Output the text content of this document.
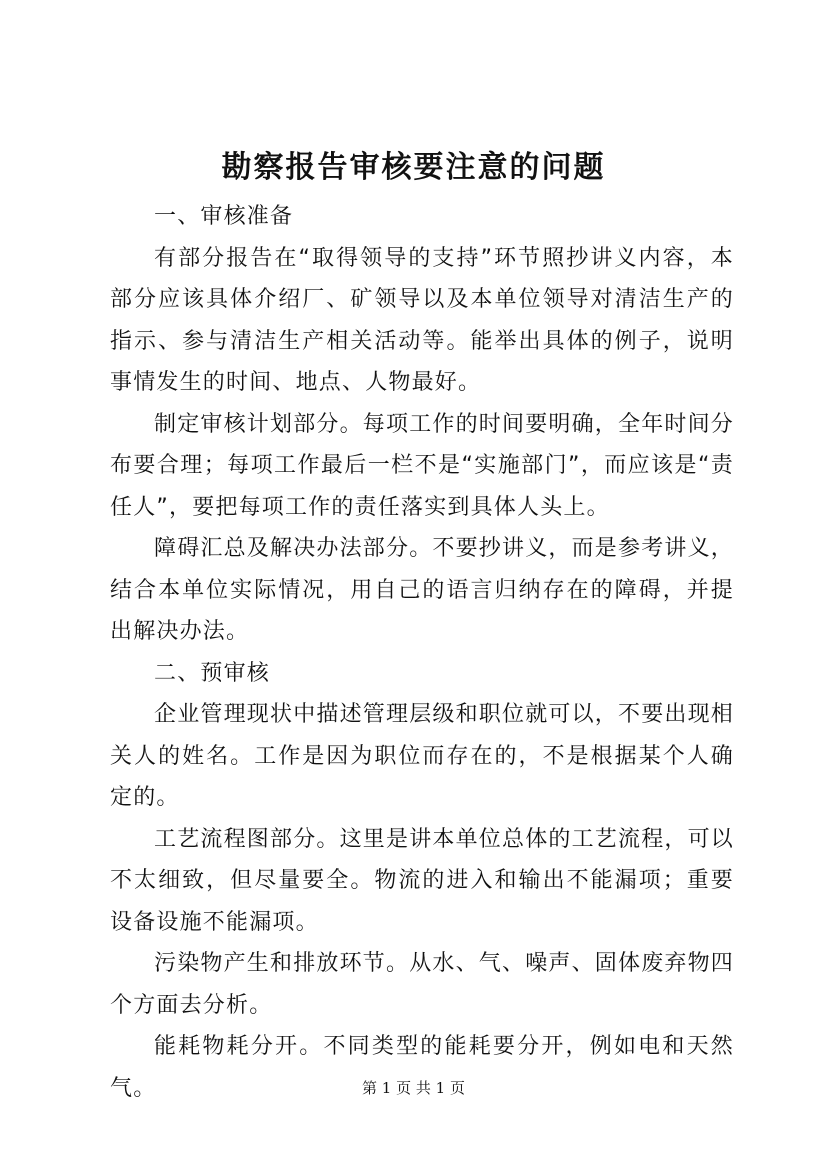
勘察报告审核要注意的问题

一、审核准备

有部分报告在“取得领导的支持”环节照抄讲义内容，本部分应该具体介绍厂、矿领导以及本单位领导对清洁生产的指示、参与清洁生产相关活动等。能举出具体的例子，说明事情发生的时间、地点、人物最好。

制定审核计划部分。每项工作的时间要明确，全年时间分布要合理；每项工作最后一栏不是“实施部门”，而应该是“责任人”，要把每项工作的责任落实到具体人头上。

障碍汇总及解决办法部分。不要抄讲义，而是参考讲义，结合本单位实际情况，用自己的语言归纳存在的障碍，并提出解决办法。

二、预审核

企业管理现状中描述管理层级和职位就可以，不要出现相关人的姓名。工作是因为职位而存在的，不是根据某个人确定的。

工艺流程图部分。这里是讲本单位总体的工艺流程，可以不太细致，但尽量要全。物流的进入和输出不能漏项；重要设备设施不能漏项。

污染物产生和排放环节。从水、气、噪声、固体废弃物四个方面去分析。

能耗物耗分开。不同类型的能耗要分开，例如电和天然气。	第 1 页 共 1 页
